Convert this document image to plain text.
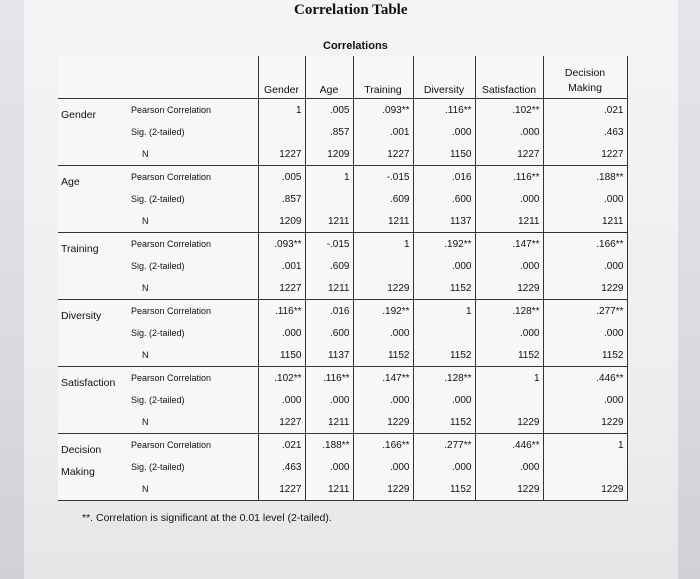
Correlation Table

Correlations

		Gender	Age	Training	Diversity	Satisfaction	Decision Making
Gender	Pearson Correlation	1	.005	.093**	.116**	.102**	.021
	Sig. (2-tailed)		.857	.001	.000	.000	.463
	N	1227	1209	1227	1150	1227	1227
Age	Pearson Correlation	.005	1	-.015	.016	.116**	.188**
	Sig. (2-tailed)	.857		.609	.600	.000	.000
	N	1209	1211	1211	1137	1211	1211
Training	Pearson Correlation	.093**	-.015	1	.192**	.147**	.166**
	Sig. (2-tailed)	.001	.609		.000	.000	.000
	N	1227	1211	1229	1152	1229	1229
Diversity	Pearson Correlation	.116**	.016	.192**	1	.128**	.277**
	Sig. (2-tailed)	.000	.600	.000		.000	.000
	N	1150	1137	1152	1152	1152	1152
Satisfaction	Pearson Correlation	.102**	.116**	.147**	.128**	1	.446**
	Sig. (2-tailed)	.000	.000	.000	.000		.000
	N	1227	1211	1229	1152	1229	1229
Decision Making	Pearson Correlation	.021	.188**	.166**	.277**	.446**	1
	Sig. (2-tailed)	.463	.000	.000	.000	.000	
	N	1227	1211	1229	1152	1229	1229

**. Correlation is significant at the 0.01 level (2-tailed).
